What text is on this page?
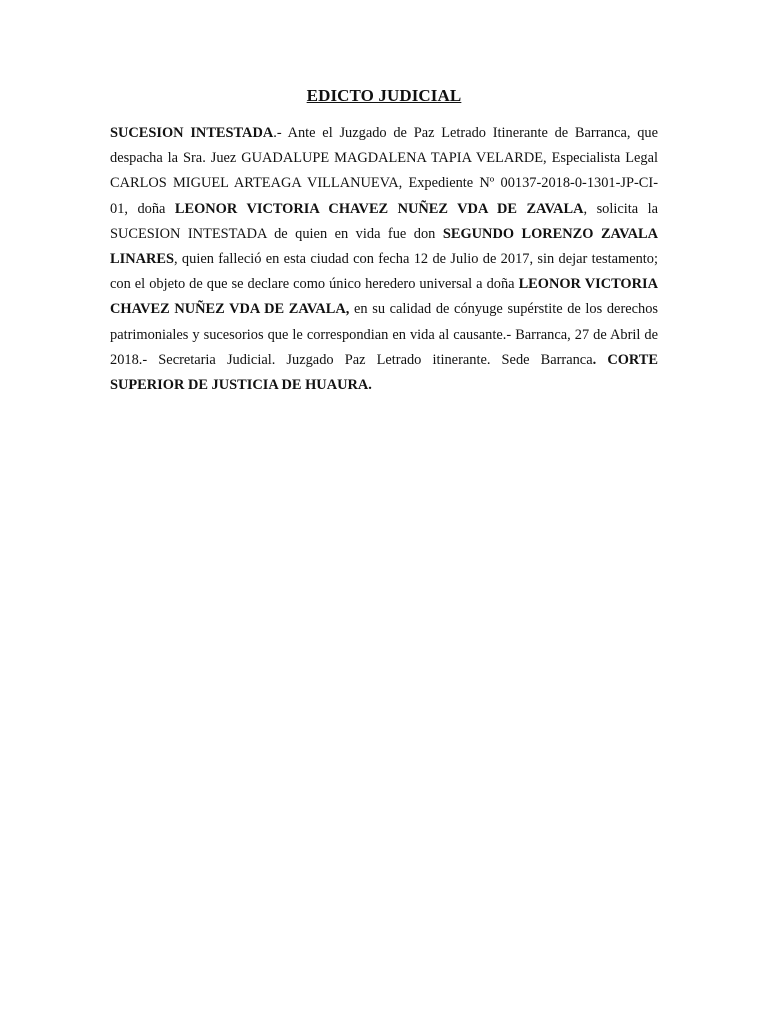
EDICTO JUDICIAL

SUCESION INTESTADA.- Ante el Juzgado de Paz Letrado Itinerante de Barranca, que despacha la Sra. Juez GUADALUPE MAGDALENA TAPIA VELARDE, Especialista Legal CARLOS MIGUEL ARTEAGA VILLANUEVA, Expediente Nº 00137-2018-0-1301-JP-CI-01, doña LEONOR VICTORIA CHAVEZ NUÑEZ VDA DE ZAVALA, solicita la SUCESION INTESTADA de quien en vida fue don SEGUNDO LORENZO ZAVALA LINARES, quien falleció en esta ciudad con fecha 12 de Julio de 2017, sin dejar testamento; con el objeto de que se declare como único heredero universal a doña LEONOR VICTORIA CHAVEZ NUÑEZ VDA DE ZAVALA, en su calidad de cónyuge supérstite de los derechos patrimoniales y sucesorios que le correspondian en vida al causante.- Barranca, 27 de Abril de 2018.- Secretaria Judicial. Juzgado Paz Letrado itinerante. Sede Barranca. CORTE SUPERIOR DE JUSTICIA DE HUAURA.
